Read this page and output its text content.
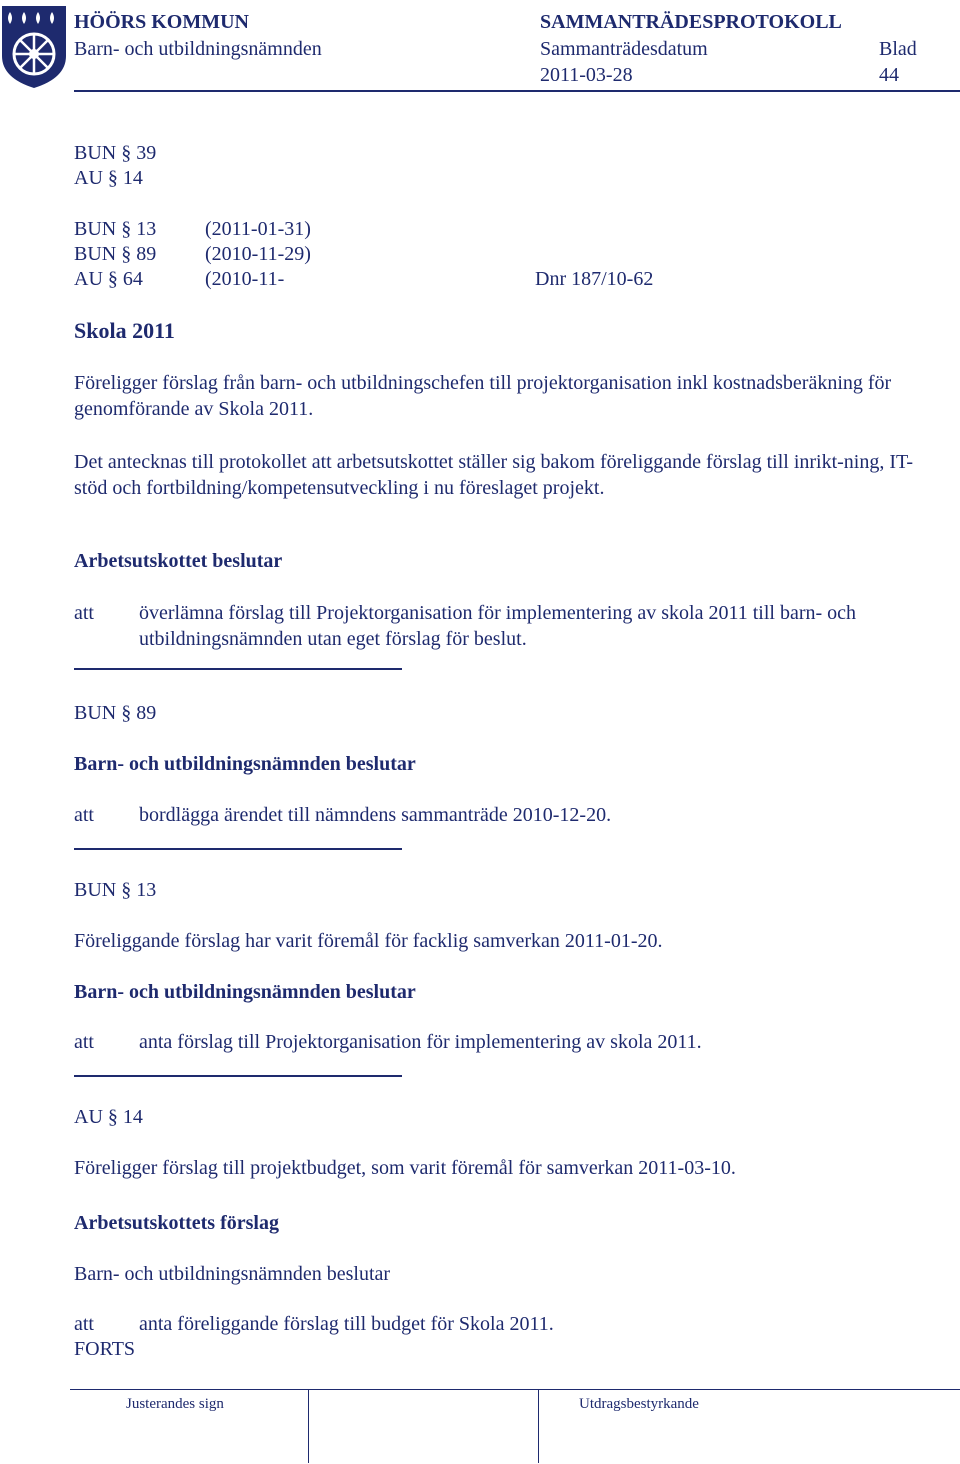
HÖÖRS KOMMUN
Barn- och utbildningsnämnden
SAMMANTRÄDESPROTOKOLL
Sammanträdesdatum
2011-03-28
Blad
44
BUN § 39
AU § 14
BUN § 13 (2011-01-31)
BUN § 89 (2010-11-29)
AU § 64	(2010-11-	Dnr 187/10-62
Skola 2011
Föreligger förslag från barn- och utbildningschefen till projektorganisation inkl kostnadsberäkning för genomförande av Skola 2011.
Det antecknas till protokollet att arbetsutskottet ställer sig bakom föreliggande förslag till inrikt-ning, IT-stöd och fortbildning/kompetensutveckling i nu föreslaget projekt.
Arbetsutskottet beslutar
att överlämna förslag till Projektorganisation för implementering av skola 2011 till barn- och utbildningsnämnden utan eget förslag för beslut.
BUN § 89
Barn- och utbildningsnämnden beslutar
att bordlägga ärendet till nämndens sammanträde 2010-12-20.
BUN § 13
Föreliggande förslag har varit föremål för facklig samverkan 2011-01-20.
Barn- och utbildningsnämnden beslutar
att anta förslag till Projektorganisation för implementering av skola 2011.
AU § 14
Föreligger förslag till projektbudget, som varit föremål för samverkan 2011-03-10.
Arbetsutskottets förslag
Barn- och utbildningsnämnden beslutar
att anta föreliggande förslag till budget för Skola 2011.
FORTS
Justerandes sign	Utdragsbestyrkande
